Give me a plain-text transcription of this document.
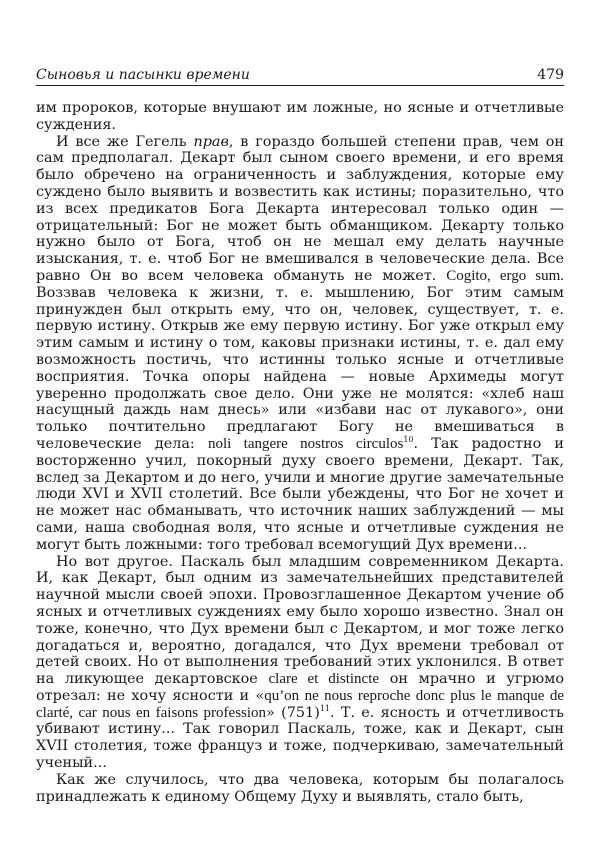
Сыновья и пасынки времени	479

им пророков, которые внушают им ложные, но ясные и отчетливые суждения.

И все же Гегель прав, в гораздо большей степени прав, чем он сам предполагал. Декарт был сыном своего времени, и его время было обречено на ограниченность и заблуждения, которые ему суждено было выявить и возвестить как истины; поразительно, что из всех предикатов Бога Декарта интересовал только один — отрицательный: Бог не может быть обманщиком. Декарту только нужно было от Бога, чтоб он не мешал ему делать научные изыскания, т. е. чтоб Бог не вмешивался в человеческие дела. Все равно Он во всем человека обмануть не может. Cogito, ergo sum. Воззвав человека к жизни, т. е. мышлению, Бог этим самым принужден был открыть ему, что он, человек, существует, т. е. первую истину. Открыв же ему первую истину. Бог уже открыл ему этим самым и истину о том, каковы признаки истины, т. е. дал ему возможность постичь, что истинны только ясные и отчетливые восприятия. Точка опоры найдена — новые Архимеды могут уверенно продолжать свое дело. Они уже не молятся: «хлеб наш насущный даждь нам днесь» или «избави нас от лукавого», они только почтительно предлагают Богу не вмешиваться в человеческие дела: noli tangere nostros circulos$^{10}$. Так радостно и восторженно учил, покорный духу своего времени, Декарт. Так, вслед за Декартом и до него, учили и многие другие замечательные люди XVI и XVII столетий. Все были убеждены, что Бог не хочет и не может нас обманывать, что источник наших заблуждений — мы сами, наша свободная воля, что ясные и отчетливые суждения не могут быть ложными: того требовал всемогущий Дух времени...

Но вот другое. Паскаль был младшим современником Декарта. И, как Декарт, был одним из замечательнейших представителей научной мысли своей эпохи. Провозглашенное Декартом учение об ясных и отчетливых суждениях ему было хорошо известно. Знал он тоже, конечно, что Дух времени был с Декартом, и мог тоже легко догадаться и, вероятно, догадался, что Дух времени требовал от детей своих. Но от выполнения требований этих уклонился. В ответ на ликующее декартовское clare et distincte он мрачно и угрюмо отрезал: не хочу ясности и «qu’on ne nous reproche donc plus le manque de clarté, car nous en faisons profession» $(751)^{11}$. Т. е. ясность и отчетливость убивают истину... Так говорил Паскаль, тоже, как и Декарт, сын XVII столетия, тоже француз и тоже, подчеркиваю, замечательный ученый...

Как же случилось, что два человека, которым бы полагалось принадлежать к единому Общему Духу и выявлять, стало быть,
